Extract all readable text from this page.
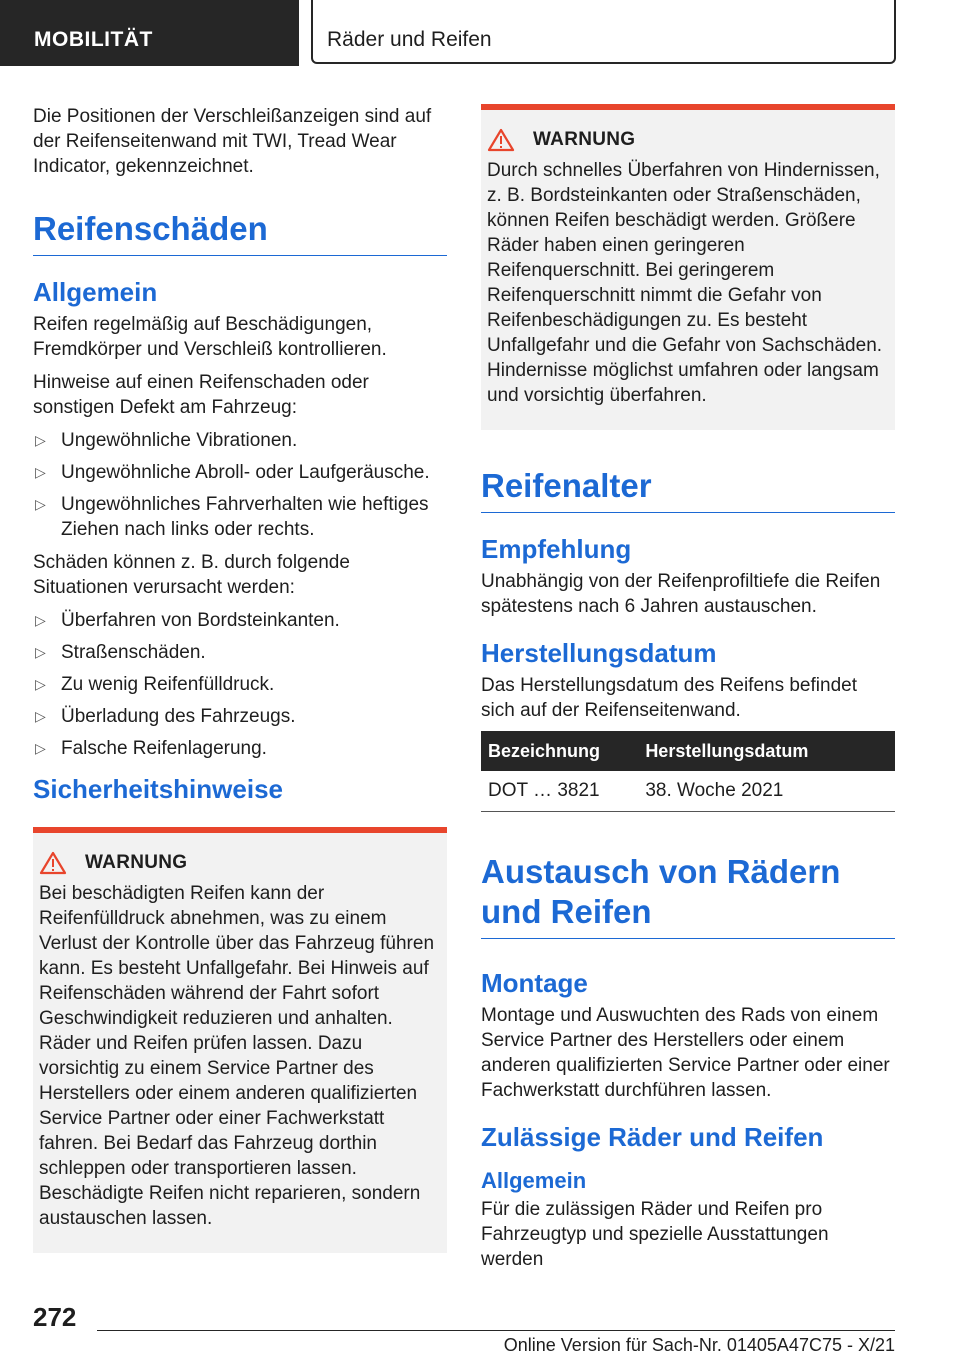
MOBILITÄT	Räder und Reifen

Die Positionen der Verschleißanzeigen sind auf der Reifenseitenwand mit TWI, Tread Wear Indicator, gekennzeichnet.

Reifenschäden
Allgemein

Reifen regelmäßig auf Beschädigungen, Fremdkörper und Verschleiß kontrollieren.

Hinweise auf einen Reifenschaden oder sonstigen Defekt am Fahrzeug:

▷ Ungewöhnliche Vibrationen.
▷ Ungewöhnliche Abroll- oder Laufgeräusche.
▷ Ungewöhnliches Fahrverhalten wie heftiges Ziehen nach links oder rechts.

Schäden können z. B. durch folgende Situationen verursacht werden:

▷ Überfahren von Bordsteinkanten.
▷ Straßenschäden.
▷ Zu wenig Reifenfülldruck.
▷ Überladung des Fahrzeugs.
▷ Falsche Reifenlagerung.
Sicherheitshinweise
WARNUNG

Bei beschädigten Reifen kann der Reifenfülldruck abnehmen, was zu einem Verlust der Kontrolle über das Fahrzeug führen kann. Es besteht Unfallgefahr. Bei Hinweis auf Reifenschäden während der Fahrt sofort Geschwindigkeit reduzieren und anhalten. Räder und Reifen prüfen lassen. Dazu vorsichtig zu einem Service Partner des Herstellers oder einem anderen qualifizierten Service Partner oder einer Fachwerkstatt fahren. Bei Bedarf das Fahrzeug dorthin schleppen oder transportieren lassen. Beschädigte Reifen nicht reparieren, sondern austauschen lassen.

WARNUNG

Durch schnelles Überfahren von Hindernissen, z. B. Bordsteinkanten oder Straßenschäden, können Reifen beschädigt werden. Größere Räder haben einen geringeren Reifenquerschnitt. Bei geringerem Reifenquerschnitt nimmt die Gefahr von Reifenbeschädigungen zu. Es besteht Unfallgefahr und die Gefahr von Sachschäden. Hindernisse möglichst umfahren oder langsam und vorsichtig überfahren.

Reifenalter
Empfehlung

Unabhängig von der Reifenprofiltiefe die Reifen spätestens nach 6 Jahren austauschen.

Herstellungsdatum

Das Herstellungsdatum des Reifens befindet sich auf der Reifenseitenwand.

Bezeichnung	Herstellungsdatum
DOT … 3821	38. Woche 2021
Austausch von Rädern und Reifen
Montage

Montage und Auswuchten des Rads von einem Service Partner des Herstellers oder einem anderen qualifizierten Service Partner oder einer Fachwerkstatt durchführen lassen.

Zulässige Räder und Reifen
Allgemein

Für die zulässigen Räder und Reifen pro Fahrzeugtyp und spezielle Ausstattungen werden

272
Online Version für Sach-Nr. 01405A47C75 - X/21
